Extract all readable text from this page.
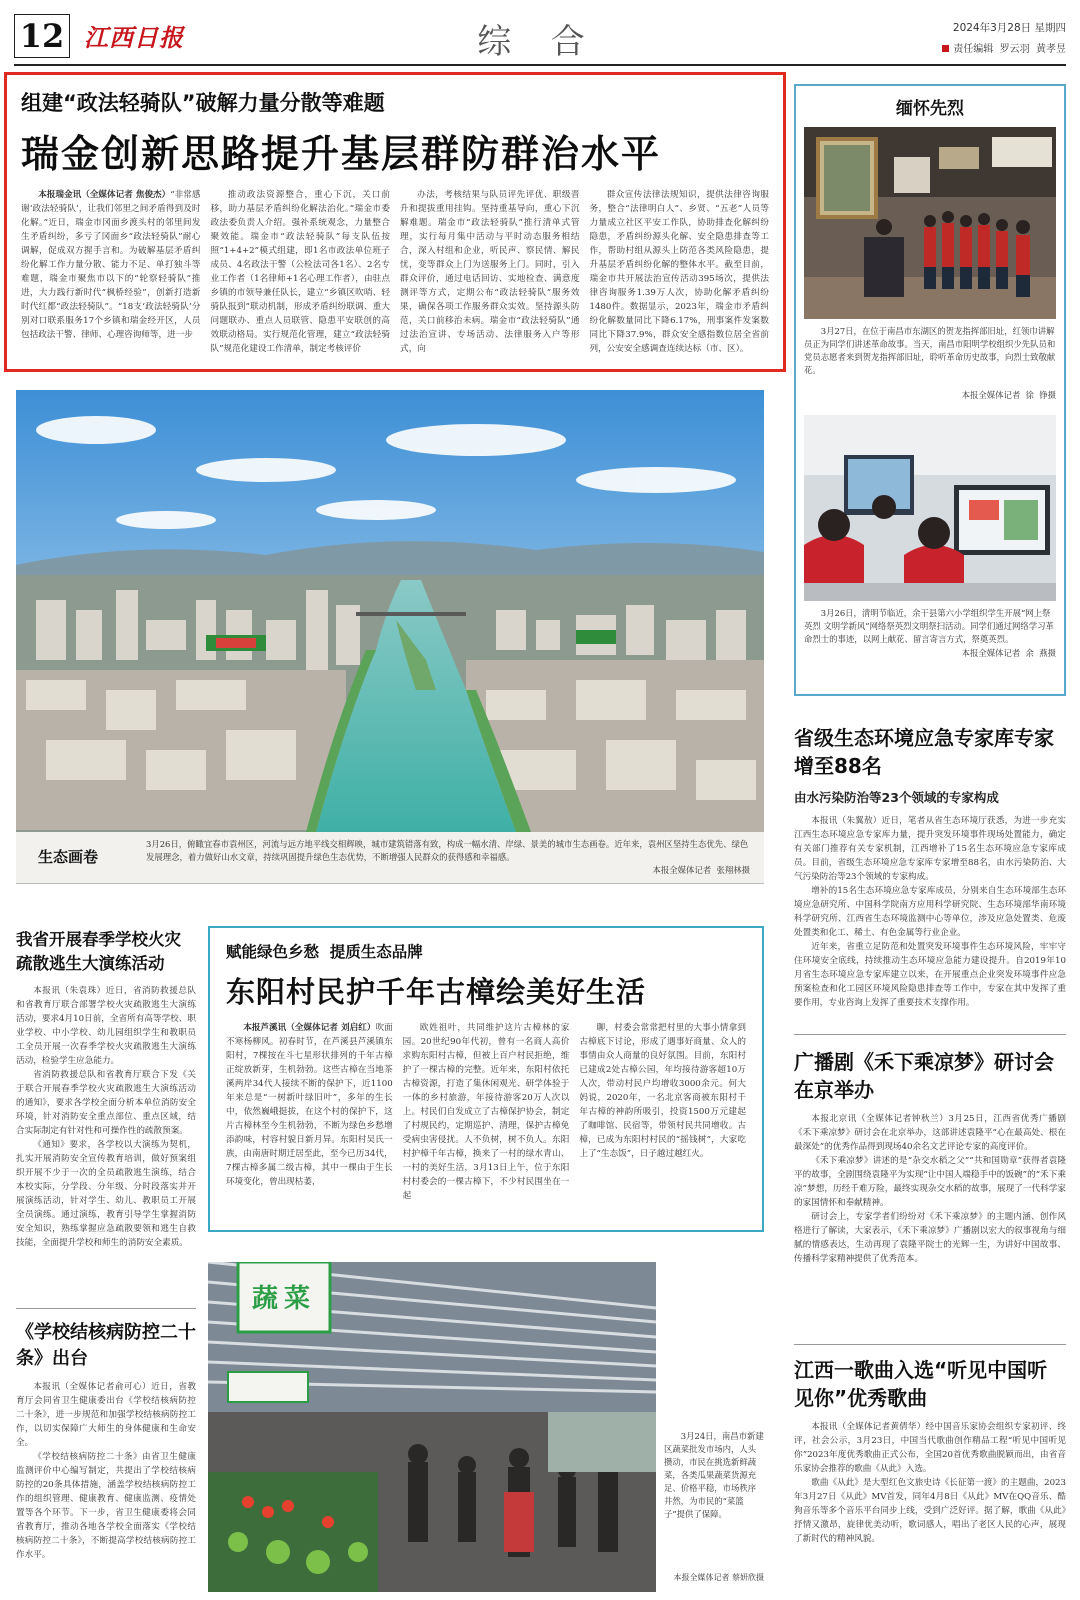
12 江西日报	综  合	2024年3月28日 星期四
责任编辑  罗云羽  黄孝昱
组建“政法轻骑队”破解力量分散等难题
瑞金创新思路提升基层群防群治水平

本报瑞金讯（全媒体记者 焦俊杰）“非常感谢‘政法轻骑队’，让我们邻里之间矛盾得到及时化解。”近日，瑞金市冈面乡渡头村的邻里间发生矛盾纠纷，多亏了冈面乡“政法轻骑队”耐心调解，促成双方握手言和。为破解基层矛盾纠纷化解工作力量分散、能力不足、单打独斗等难题，瑞金市聚焦市以下的“轮察轻骑队”推进，大力践行新时代“枫桥经验”，创新打造新时代红都“政法轻骑队”。“18支‘政法轻骑队’分别对口联系服务17个乡镇和瑞金经开区，人员包括政法干警、律师、心理咨询师等，进一步

推动政法资源整合，重心下沉，关口前移，助力基层矛盾纠纷化解法治化。”瑞金市委政法委负责人介绍。强补系统观念，力量整合聚效能。瑞金市“政法轻骑队”每支队伍按照“1+4+2”模式组建，即1名市政法单位班子成员、4名政法干警（公检法司各1名）、2名专业工作者（1名律师+1名心理工作者），由驻点乡镇的市领导兼任队长，建立“乡镇区吹哨、轻骑队报到”联动机制，形成矛盾纠纷联调、重大问题联办、重点人员联管、隐患平安联创的高效联动格局。实行规范化管理，建立“政法轻骑队”规范化建设工作清单，制定考核评价

办法，考核结果与队员评先评优、职级晋升和提拔重用挂钩。坚持重基导向，重心下沉解难题。瑞金市“政法轻骑队”推行清单式管理，实行每月集中活动与平时动态服务相结合，深入村组和企业，听民声、察民情、解民忧，变等群众上门为送服务上门。同时，引入群众评价，通过电话回访、实地检查、满意度测评等方式，定期公布“政法轻骑队”服务效果，确保各项工作服务群众实效。坚持源头防范，关口前移治未病。瑞金市“政法轻骑队”通过法治宣讲、专场活动、法律服务入户等形式，向

群众宣传法律法规知识，提供法律咨询服务，整合“法律明白人”、乡贤、“五老”人员等力量成立社区平安工作队，协助排查化解纠纷隐患，矛盾纠纷源头化解、安全隐患排查等工作，帮助村组从源头上防范各类风险隐患，提升基层矛盾纠纷化解的整体水平。截至目前，瑞金市共开展法治宣传活动395场次，提供法律咨询服务1.39万人次，协助化解矛盾纠纷1480件。数据显示，2023年，瑞金市矛盾纠纷化解数量同比下降6.17%，刑事案件发案数同比下降37.9%，群众安全感指数位居全省前列，公安安全感调查连续达标（市、区）。

缅怀先烈
3月27日，在位于南昌市东湖区的贺龙指挥部旧址，红领巾讲解员正为同学们讲述革命故事。当天，南昌市阳明学校组织少先队员和党员志愿者来到贺龙指挥部旧址，聆听革命历史故事，向烈士致敬献花。
本报全媒体记者  徐  铮摄
3月26日，清明节临近，余干县第六小学组织学生开展“网上祭英烈 文明学新风”网络祭英烈文明祭扫活动。同学们通过网络学习革命烈士的事迹，以网上献花、留言寄言方式，祭奠英烈。
本报全媒体记者  余  燕摄
生态画卷
3月26日，俯瞰宜春市袁州区，河流与远方地平线交相辉映，城市建筑错落有致，构成一幅水清、岸绿、景美的城市生态画卷。近年来，袁州区坚持生态优先、绿色发展理念，着力做好山水文章，持续巩固提升绿色生态优势，不断增强人民群众的获得感和幸福感。
本报全媒体记者  张翔林摄
省级生态环境应急专家库专家增至88名
由水污染防治等23个领域的专家构成

本报讯（朱翼敖）近日，笔者从省生态环境厅获悉，为进一步充实江西生态环境应急专家库力量，提升突发环境事件现场处置能力，确定有关部门推荐有关专家机制，江西增补了15名生态环境应急专家库成员。目前，省级生态环境应急专家库专家增至88名，由水污染防治、大气污染防治等23个领域的专家构成。

增补的15名生态环境应急专家库成员，分别来自生态环境部生态环境应急研究所、中国科学院南方应用科学研究院、生态环境部华南环境科学研究所、江西省生态环境监测中心等单位，涉及应急处置类、危废处置类和化工、稀土、有色金属等行业企业。

近年来，省重立足防范和处置突发环境事件生态环境风险，牢牢守住环境安全底线，持续推动生态环境应急能力建设提升。自2019年10月省生态环境应急专家库建立以来，在开展重点企业突发环境事件应急预案检查和化工园区环境风险隐患排查等工作中，专家在其中发挥了重要作用，专业咨询上发挥了重要技术支撑作用。

广播剧《禾下乘凉梦》研讨会在京举办

本报北京讯（全媒体记者钟秋兰）3月25日，江西省优秀广播剧《禾下乘凉梦》研讨会在北京举办，这部讲述袁隆平“心在最高处、根在最深处”的优秀作品得到现场40余名文艺评论专家的高度评价。

《禾下乘凉梦》讲述的是“杂交水稻之父”“共和国勋章”获得者袁隆平的故事，全剧围绕袁隆平为实现“让中国人端稳手中的饭碗”的“禾下乘凉”梦想，历经千难万险，最终实现杂交水稻的故事，展现了一代科学家的家国情怀和奉献精神。

研讨会上，专家学者们纷纷对《禾下乘凉梦》的主题内涵、创作风格进行了解读，大家表示，《禾下乘凉梦》广播剧以宏大的叙事视角与细腻的情感表达，生动再现了袁隆平院士的光辉一生，为讲好中国故事、传播科学家精神提供了优秀范本。

江西一歌曲入选“听见中国听见你”优秀歌曲

本报讯（全媒体记者黄倩华）经中国音乐家协会组织专家初评、终评，社会公示，3月23日，中国当代歌曲创作精品工程“听见中国听见你”2023年度优秀歌曲正式公布，全国20首优秀歌曲脱颖而出，由省音乐家协会推荐的歌曲《从此》入选。

歌曲《从此》是大型红色文旅史诗《长征第一渡》的主题曲，2023年3月27日《从此》MV首发，同年4月8日《从此》MV在QQ音乐、酷狗音乐等多个音乐平台同步上线，受到广泛好评。据了解，歌曲《从此》抒情又激昂，旋律优美动听，歌词感人，唱出了老区人民的心声，展现了新时代的精神风貌。

我省开展春季学校火灾疏散逃生大演练活动

本报讯（朱袁珠）近日，省消防救援总队和省教育厅联合部署学校火灾疏散逃生大演练活动，要求4月10日前，全省所有高等学校、职业学校、中小学校、幼儿园组织学生和教职员工全员开展一次春季学校火灾疏散逃生大演练活动，检验学生应急能力。

省消防救援总队和省教育厅联合下发《关于联合开展春季学校火灾疏散逃生大演练活动的通知》，要求各学校全面分析本单位消防安全环境，针对消防安全重点部位、重点区域，结合实际制定有针对性和可操作性的疏散预案。

《通知》要求，各学校以大演练为契机，扎实开展消防安全宣传教育培训，做好预案组织开展不少于一次的全员疏散逃生演练，结合本校实际，分学段、分年级、分时段落实并开展演练活动，针对学生、幼儿、教职员工开展全员演练。通过演练，教育引导学生掌握消防安全知识，熟练掌握应急疏散要领和逃生自救技能，全面提升学校和师生的消防安全素质。

《学校结核病防控二十条》出台

本报讯（全媒体记者俞可心）近日，省教育厅会同省卫生健康委出台《学校结核病防控二十条》，进一步规范和加强学校结核病防控工作，以切实保障广大师生的身体健康和生命安全。

《学校结核病防控二十条》由省卫生健康监测评价中心编写制定，共提出了学校结核病防控的20条具体措施，涵盖学校结核病防控工作的组织管理、健康教育、健康监测、疫情处置等各个环节。下一步，省卫生健康委将会同省教育厅，推动各地各学校全面落实《学校结核病防控二十条》，不断提高学校结核病防控工作水平。

赋能绿色乡愁  提质生态品牌
东阳村民护千年古樟绘美好生活

本报芦溪讯（全媒体记者 刘启红）吹面不寒杨柳风。初春时节，在芦溪县芦溪镇东阳村，7棵按在斗七星形状排列的千年古樟正绽放新芽，生机勃勃。这些古樟在当地茶溪两岸34代人接续不断的保护下，近1100年来总是“一树新叶绿旧叶”，多年的生长中，依然巍峨挺拔，在这个村的保护下，这片古樟林至今生机勃勃，不断为绿色乡愁增添韵味，村容村貌日新月异。东阳村吴氏一族，由南唐时期迁居至此，至今已历34代，7棵古樟多属二级古樟，其中一棵由于生长环境变化，曾出现枯萎，

欧姓祖叶，共同维护这片古樟林的家园。20世纪90年代初，曾有一名商人高价求购东阳村古樟，但被上百户村民拒绝，维护了一棵古樟的完整。近年来，东阳村依托古樟资源，打造了集休闲观光、研学体验于一体的乡村旅游，年接待游客20万人次以上。村民们自发成立了古樟保护协会，制定了村规民约，定期巡护、清理，保护古樟免受病虫害侵扰。人不负树，树不负人。东阳村护樟千年古樟，换来了一村的绿水青山、一村的美好生活，3月13日上午，位于东阳村村委会的一棵古樟下，不少村民围坐在一起

聊，村委会常常把村里的大事小情拿到古樟底下讨论，形成了遇事好商量、众人的事情由众人商量的良好氛围。目前，东阳村已建成2处古樟公园，年均接待游客超10万人次，带动村民户均增收3000余元。何大妈说，2020年，一名北京客商被东阳村千年古樟的神韵所吸引，投资1500万元建起了咖啡馆、民宿等，带领村民共同增收。古樟，已成为东阳村村民的“摇钱树”，大家吃上了“生态饭”，日子越过越红火。

蔬菜
3月24日，南昌市新建区蔬菜批发市场内，人头攒动，市民在挑选新鲜蔬菜，各类瓜果蔬菜货源充足、价格平稳，市场秩序井然，为市民的“菜篮子”提供了保障。
本报全媒体记者 蔡妍欣摄
